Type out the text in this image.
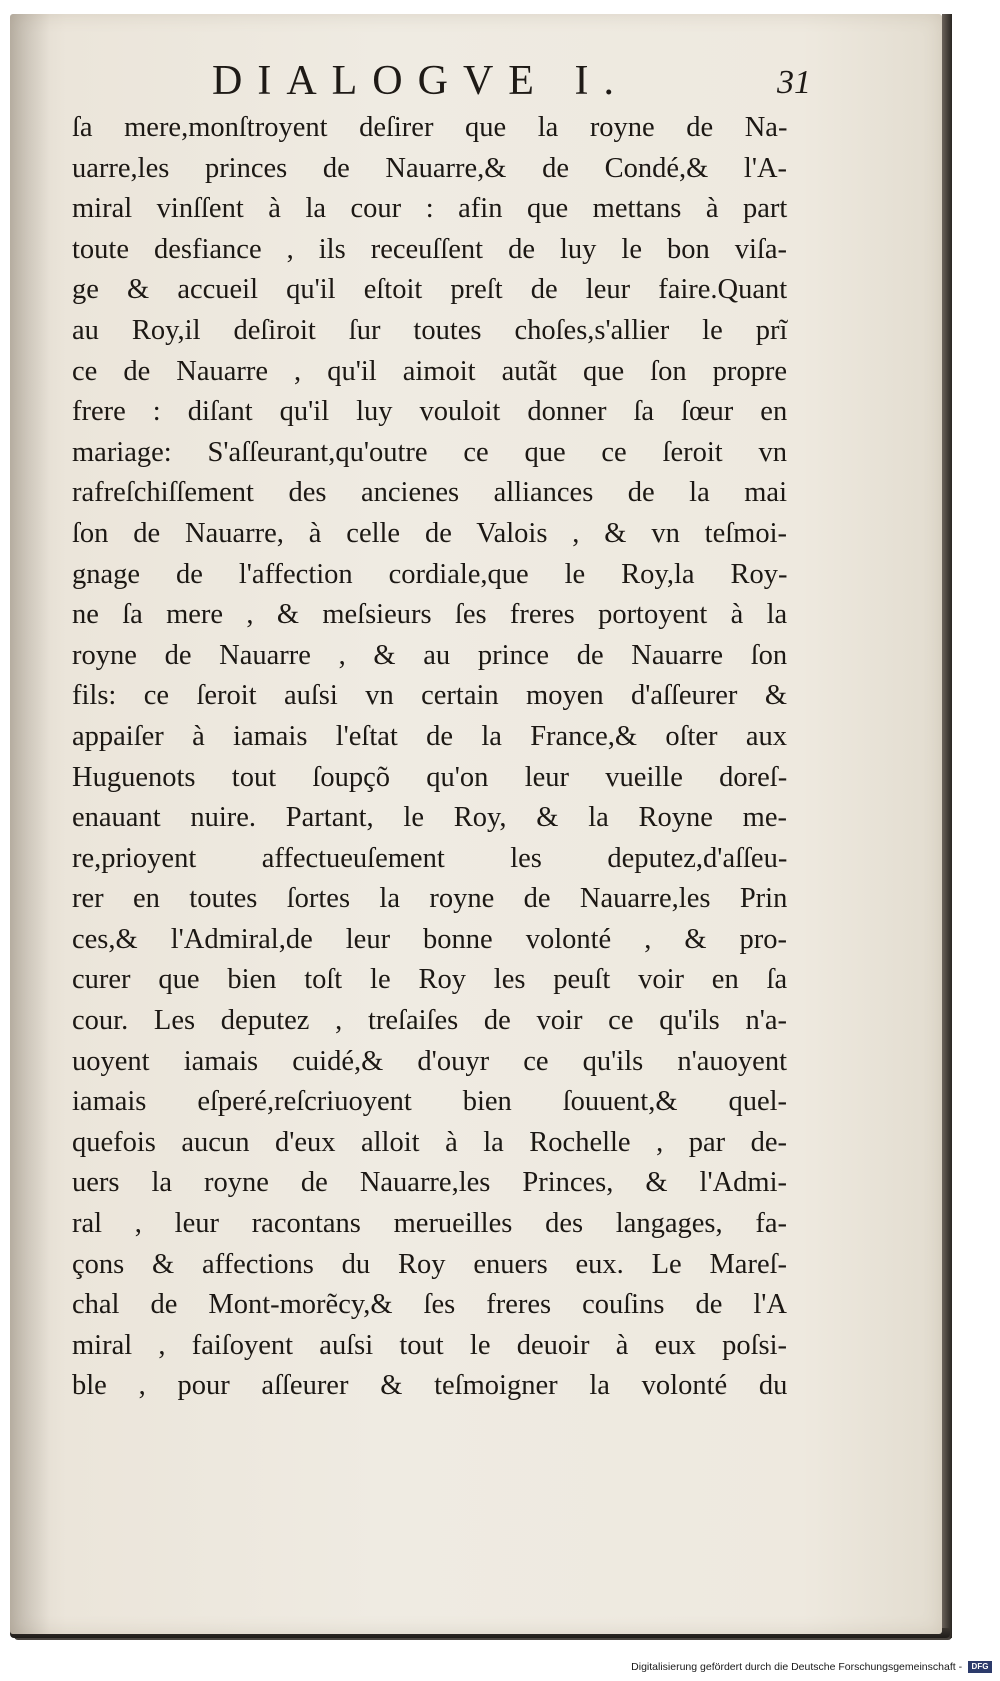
DIALOGVE I.	31
ſa mere,monſtroyent deſirer que la royne de Na-
uarre,les princes de Nauarre,& de Condé,& l'A-
miral vinſſent à la cour : afin que mettans à part
toute desfiance , ils receuſſent de luy le bon viſa-
ge & accueil qu'il eſtoit preſt de leur faire.Quant
au Roy,il deſiroit ſur toutes choſes,s'allier le prĩ
ce de Nauarre , qu'il aimoit autãt que ſon propre
frere : diſant qu'il luy vouloit donner ſa ſœur en
mariage: S'aſſeurant,qu'outre ce que ce ſeroit vn
rafreſchiſſement des ancienes alliances de la mai
ſon de Nauarre, à celle de Valois , & vn teſmoi-
gnage de l'affection cordiale,que le Roy,la Roy-
ne ſa mere , & meſsieurs ſes freres portoyent à la
royne de Nauarre , & au prince de Nauarre ſon
fils: ce ſeroit auſsi vn certain moyen d'aſſeurer &
appaiſer à iamais l'eſtat de la France,& oſter aux
Huguenots tout ſoupçõ qu'on leur vueille doreſ-
enauant nuire. Partant, le Roy, & la Royne me-
re,prioyent affectueuſement les deputez,d'aſſeu-
rer en toutes ſortes la royne de Nauarre,les Prin
ces,& l'Admiral,de leur bonne volonté , & pro-
curer que bien toſt le Roy les peuſt voir en ſa
cour. Les deputez , treſaiſes de voir ce qu'ils n'a-
uoyent iamais cuidé,& d'ouyr ce qu'ils n'auoyent
iamais eſperé,reſcriuoyent bien ſouuent,& quel-
quefois aucun d'eux alloit à la Rochelle , par de-
uers la royne de Nauarre,les Princes, & l'Admi-
ral , leur racontans merueilles des langages, fa-
çons & affections du Roy enuers eux. Le Mareſ-
chal de Mont-morẽcy,& ſes freres couſins de l'A
miral , faiſoyent auſsi tout le deuoir à eux poſsi-
ble , pour aſſeurer & teſmoigner la volonté du
Digitalisierung gefördert durch die Deutsche Forschungsgemeinschaft - DFG
